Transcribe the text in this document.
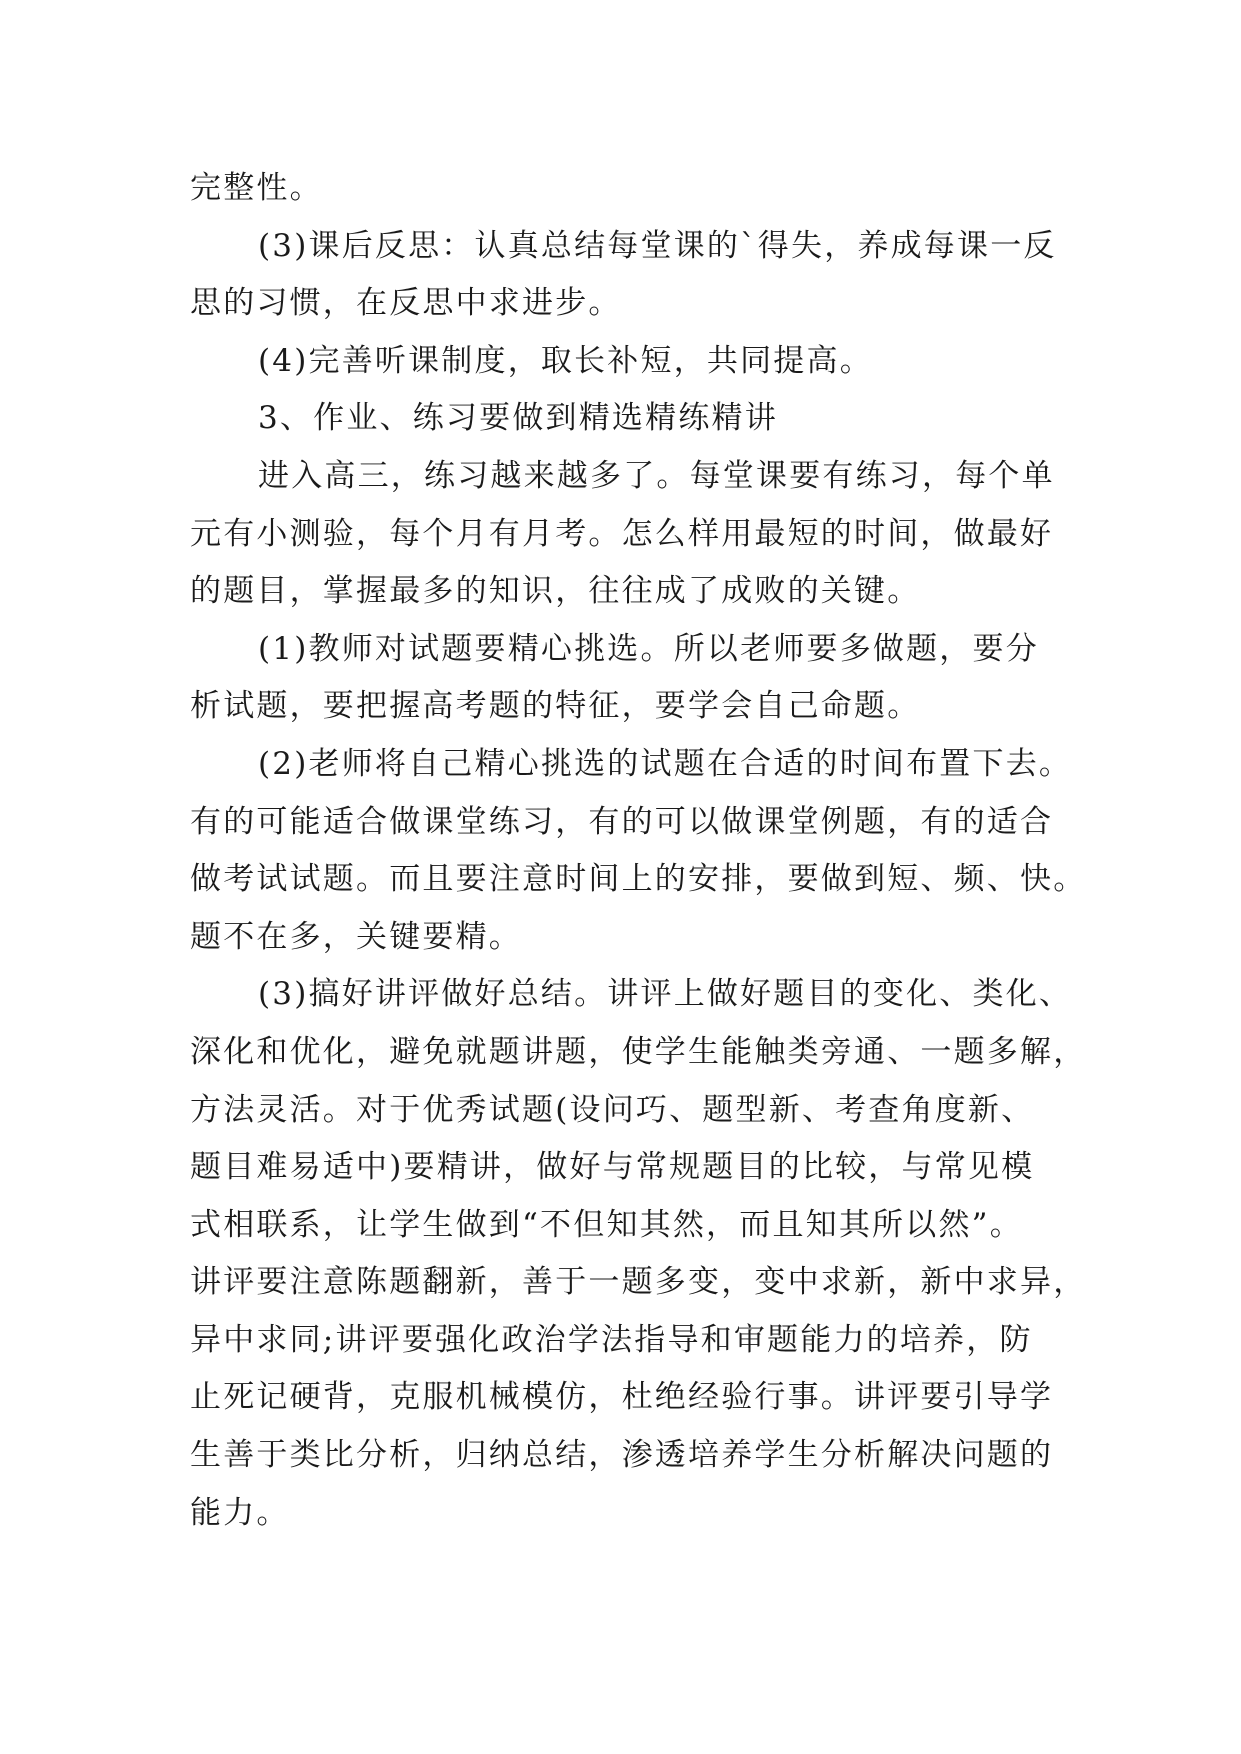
完整性。
(3)课后反思：认真总结每堂课的`得失，养成每课一反
思的习惯，在反思中求进步。
(4)完善听课制度，取长补短，共同提高。
3、作业、练习要做到精选精练精讲
进入高三，练习越来越多了。每堂课要有练习，每个单
元有小测验，每个月有月考。怎么样用最短的时间，做最好
的题目，掌握最多的知识，往往成了成败的关键。
(1)教师对试题要精心挑选。所以老师要多做题，要分
析试题，要把握高考题的特征，要学会自己命题。
(2)老师将自己精心挑选的试题在合适的时间布置下去。
有的可能适合做课堂练习，有的可以做课堂例题，有的适合
做考试试题。而且要注意时间上的安排，要做到短、频、快。
题不在多，关键要精。
(3)搞好讲评做好总结。讲评上做好题目的变化、类化、
深化和优化，避免就题讲题，使学生能触类旁通、一题多解，
方法灵活。对于优秀试题(设问巧、题型新、考查角度新、
题目难易适中)要精讲，做好与常规题目的比较，与常见模
式相联系，让学生做到“不但知其然，而且知其所以然”。
讲评要注意陈题翻新，善于一题多变，变中求新，新中求异，
异中求同;讲评要强化政治学法指导和审题能力的培养，防
止死记硬背，克服机械模仿，杜绝经验行事。讲评要引导学
生善于类比分析，归纳总结，渗透培养学生分析解决问题的
能力。
